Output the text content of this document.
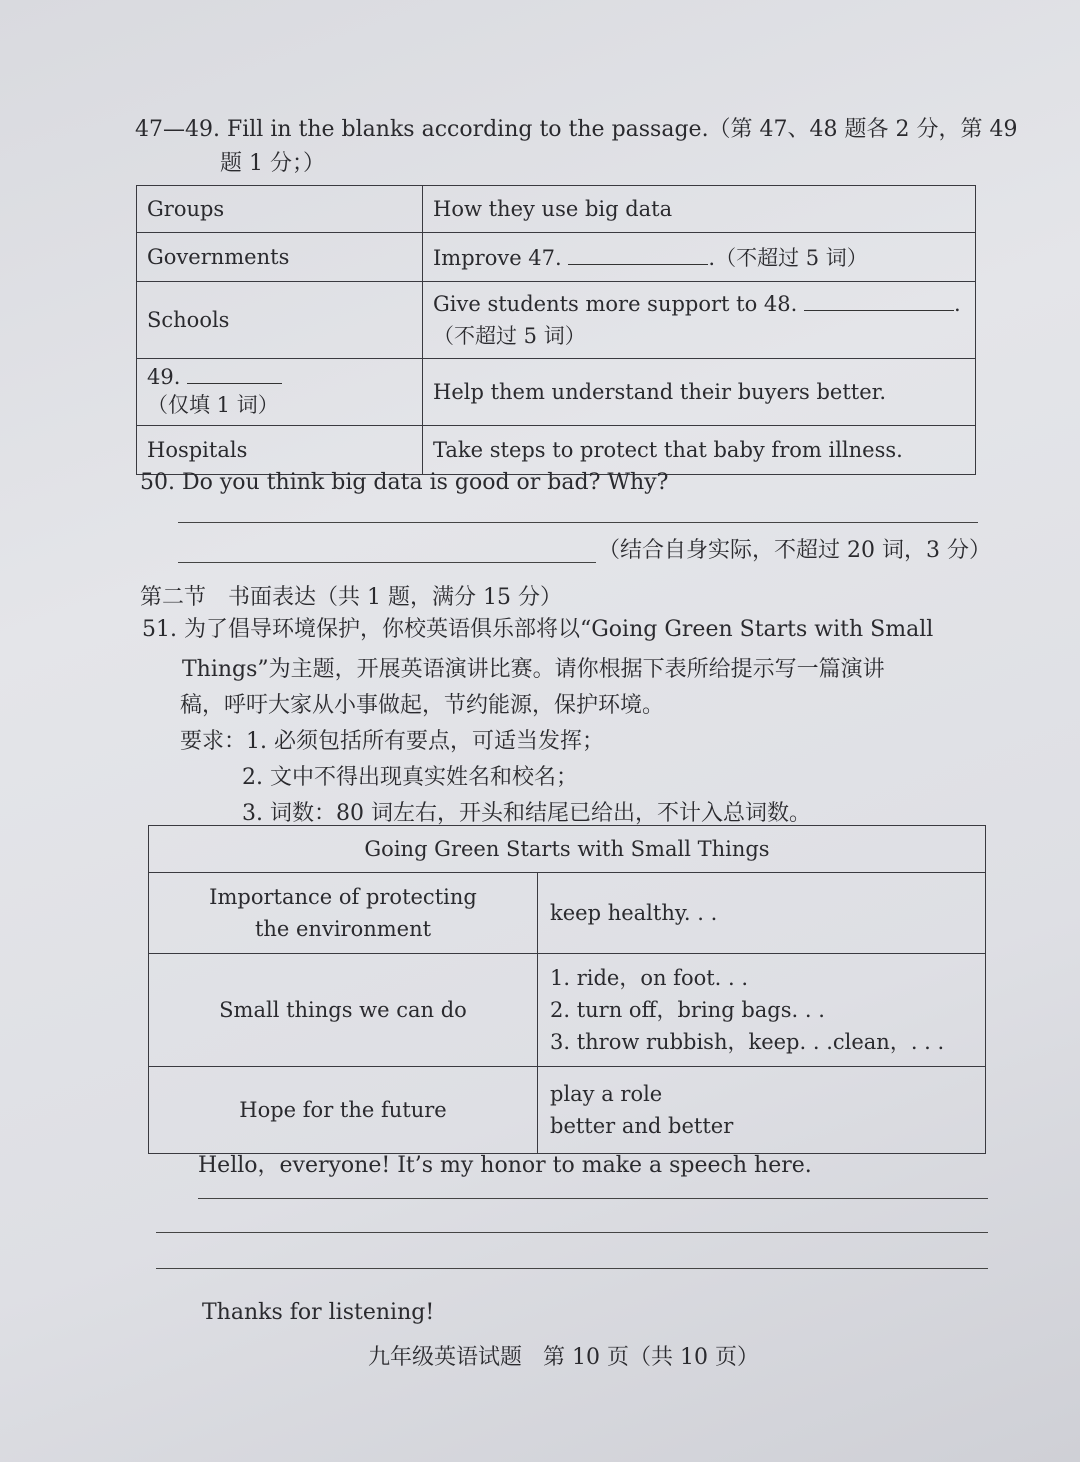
47—49. Fill in the blanks according to the passage.（第 47、48 题各 2 分，第 49
题 1 分；）
Groups	How they use big data
Governments	Improve 47. .（不超过 5 词）
Schools	Give students more support to 48. .
（不超过 5 词）

49. （仅填 1 词）	Help them understand their buyers better.
Hospitals	Take steps to protect that baby from illness.
50. Do you think big data is good or bad? Why?
（结合自身实际，不超过 20 词，3 分）
第二节　书面表达（共 1 题，满分 15 分）
51. 为了倡导环境保护，你校英语俱乐部将以“Going Green Starts with Small
Things”为主题，开展英语演讲比赛。请你根据下表所给提示写一篇演讲
稿，呼吁大家从小事做起，节约能源，保护环境。
要求：1. 必须包括所有要点，可适当发挥；
2. 文中不得出现真实姓名和校名；
3. 词数：80 词左右，开头和结尾已给出，不计入总词数。
Going Green Starts with Small Things	

Importance of protecting
the environment	keep healthy. . .
Small things we can do	1. ride，on foot. . .
2. turn off，bring bags. . .
3. throw rubbish，keep. . .clean，. . .

Hope for the future	play a role
better and better
Hello，everyone! It’s my honor to make a speech here.
Thanks for listening!
九年级英语试题 第 10 页（共 10 页）
